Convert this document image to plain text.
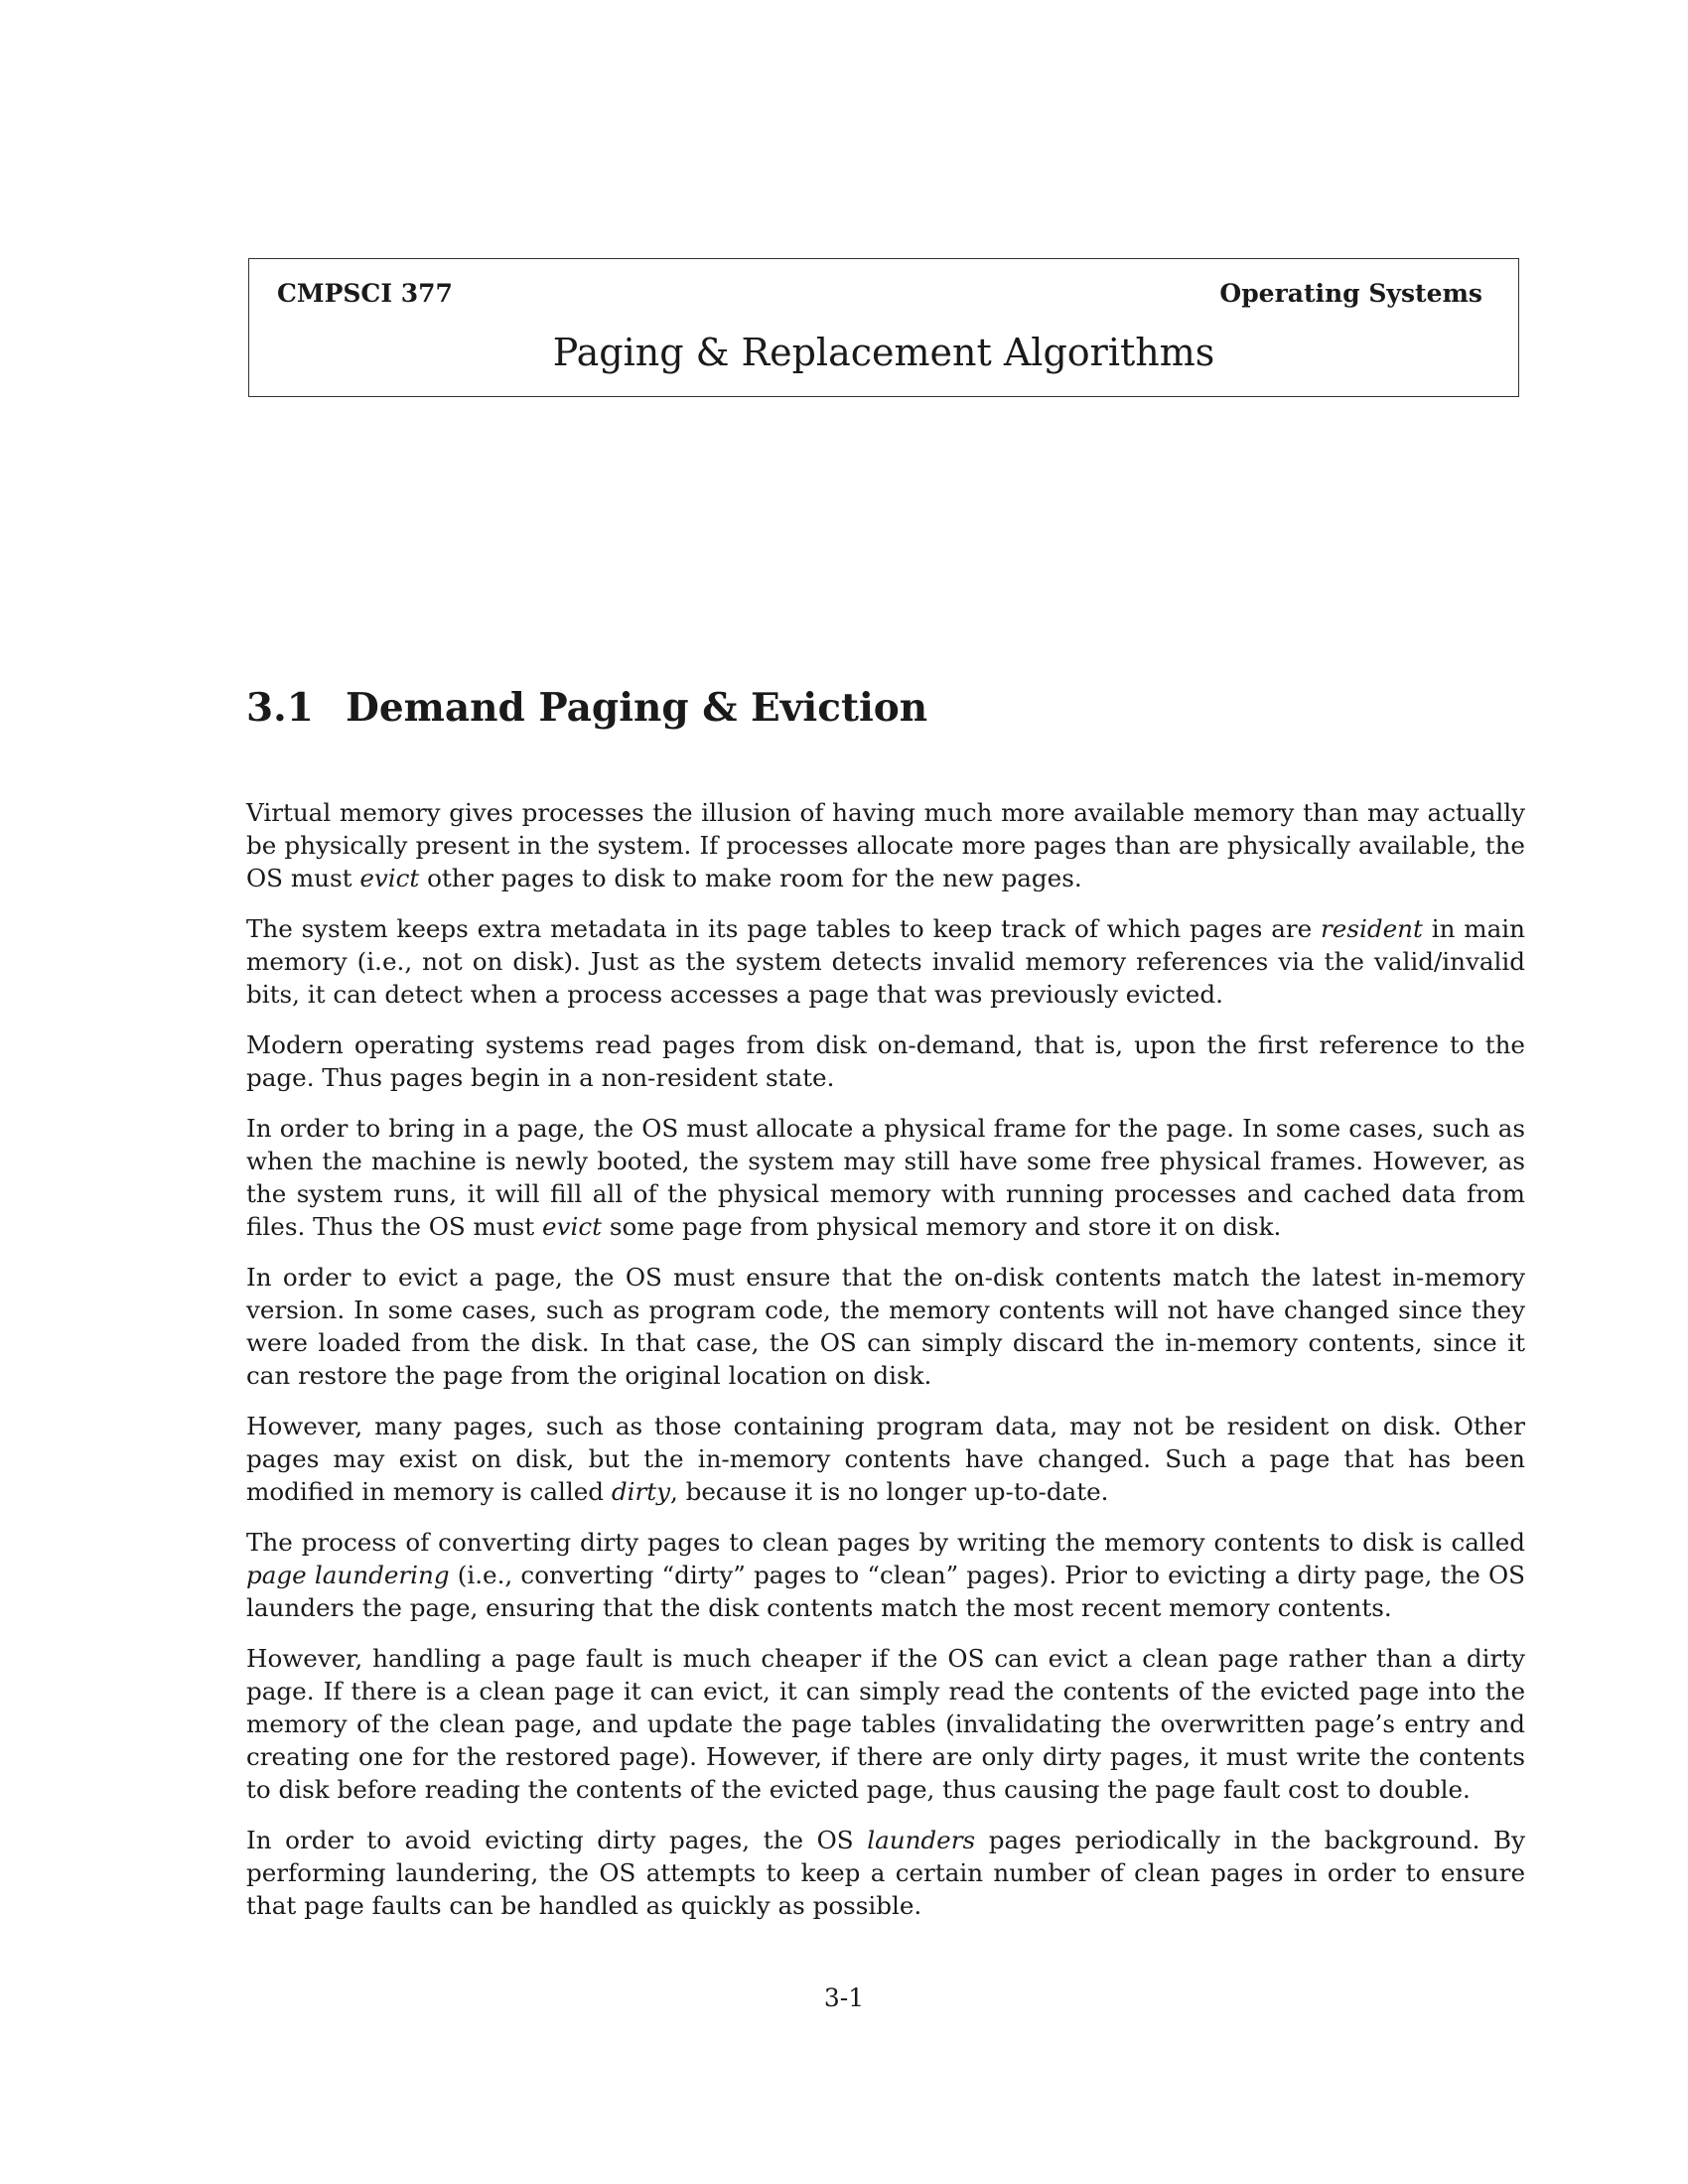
CMPSCI 377	Operating Systems
Paging & Replacement Algorithms
3.1 Demand Paging & Eviction

Virtual memory gives processes the illusion of having much more available memory than may actually be physically present in the system. If processes allocate more pages than are physically available, the OS must evict other pages to disk to make room for the new pages.

The system keeps extra metadata in its page tables to keep track of which pages are resident in main memory (i.e., not on disk). Just as the system detects invalid memory references via the valid/invalid bits, it can detect when a process accesses a page that was previously evicted.

Modern operating systems read pages from disk on-demand, that is, upon the first reference to the page. Thus pages begin in a non-resident state.

In order to bring in a page, the OS must allocate a physical frame for the page. In some cases, such as when the machine is newly booted, the system may still have some free physical frames. However, as the system runs, it will fill all of the physical memory with running processes and cached data from files. Thus the OS must evict some page from physical memory and store it on disk.

In order to evict a page, the OS must ensure that the on-disk contents match the latest in-memory version. In some cases, such as program code, the memory contents will not have changed since they were loaded from the disk. In that case, the OS can simply discard the in-memory contents, since it can restore the page from the original location on disk.

However, many pages, such as those containing program data, may not be resident on disk. Other pages may exist on disk, but the in-memory contents have changed. Such a page that has been modified in memory is called dirty, because it is no longer up-to-date.

The process of converting dirty pages to clean pages by writing the memory contents to disk is called page laundering (i.e., converting “dirty” pages to “clean” pages). Prior to evicting a dirty page, the OS launders the page, ensuring that the disk contents match the most recent memory contents.

However, handling a page fault is much cheaper if the OS can evict a clean page rather than a dirty page. If there is a clean page it can evict, it can simply read the contents of the evicted page into the memory of the clean page, and update the page tables (invalidating the overwritten page’s entry and creating one for the restored page). However, if there are only dirty pages, it must write the contents to disk before reading the contents of the evicted page, thus causing the page fault cost to double.

In order to avoid evicting dirty pages, the OS launders pages periodically in the background. By performing laundering, the OS attempts to keep a certain number of clean pages in order to ensure that page faults can be handled as quickly as possible.

3-1
